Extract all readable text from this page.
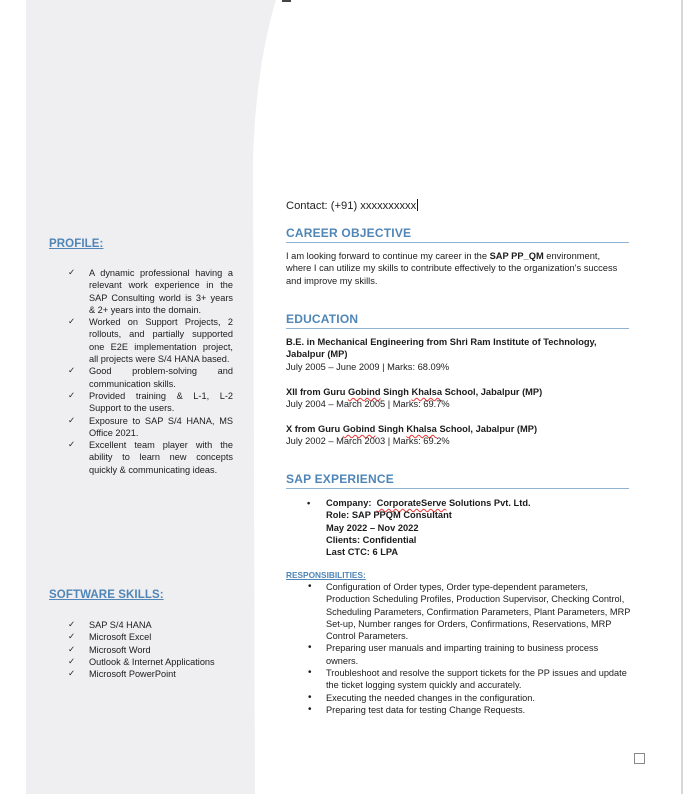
PROFILE:
✓ A dynamic professional having a relevant work experience in the SAP Consulting world is 3+ years & 2+ years into the domain.
✓ Worked on Support Projects, 2 rollouts, and partially supported one E2E implementation project, all projects were S/4 HANA based.
✓ Good problem-solving and communication skills.
✓ Provided training & L-1, L-2 Support to the users.
✓ Exposure to SAP S/4 HANA, MS Office 2021.
✓ Excellent team player with the ability to learn new concepts quickly & communicating ideas.
SOFTWARE SKILLS:
✓ SAP S/4 HANA
✓ Microsoft Excel
✓ Microsoft Word
✓ Outlook & Internet Applications
✓ Microsoft PowerPoint
Contact: (+91) xxxxxxxxxx
CAREER OBJECTIVE
I am looking forward to continue my career in the SAP PP_QM environment, where I can utilize my skills to contribute effectively to the organization's success and improve my skills.
EDUCATION
B.E. in Mechanical Engineering from Shri Ram Institute of Technology, Jabalpur (MP)
July 2005 – June 2009 | Marks: 68.09%
XII from Guru Gobind Singh Khalsa School, Jabalpur (MP)
July 2004 – March 2005 | Marks: 69.7%
X from Guru Gobind Singh Khalsa School, Jabalpur (MP)
July 2002 – March 2003 | Marks: 69.2%
SAP EXPERIENCE
• Company:  CorporateServe Solutions Pvt. Ltd.
Role: SAP PPQM Consultant
May 2022 – Nov 2022
Clients: Confidential
Last CTC: 6 LPA
RESPONSIBILITIES:
• Configuration of Order types, Order type-dependent parameters, Production Scheduling Profiles, Production Supervisor, Checking Control, Scheduling Parameters, Confirmation Parameters, Plant Parameters, MRP Set-up, Number ranges for Orders, Confirmations, Reservations, MRP Control Parameters.
• Preparing user manuals and imparting training to business process owners.
• Troubleshoot and resolve the support tickets for the PP issues and update the ticket logging system quickly and accurately.
• Executing the needed changes in the configuration.
• Preparing test data for testing Change Requests.
